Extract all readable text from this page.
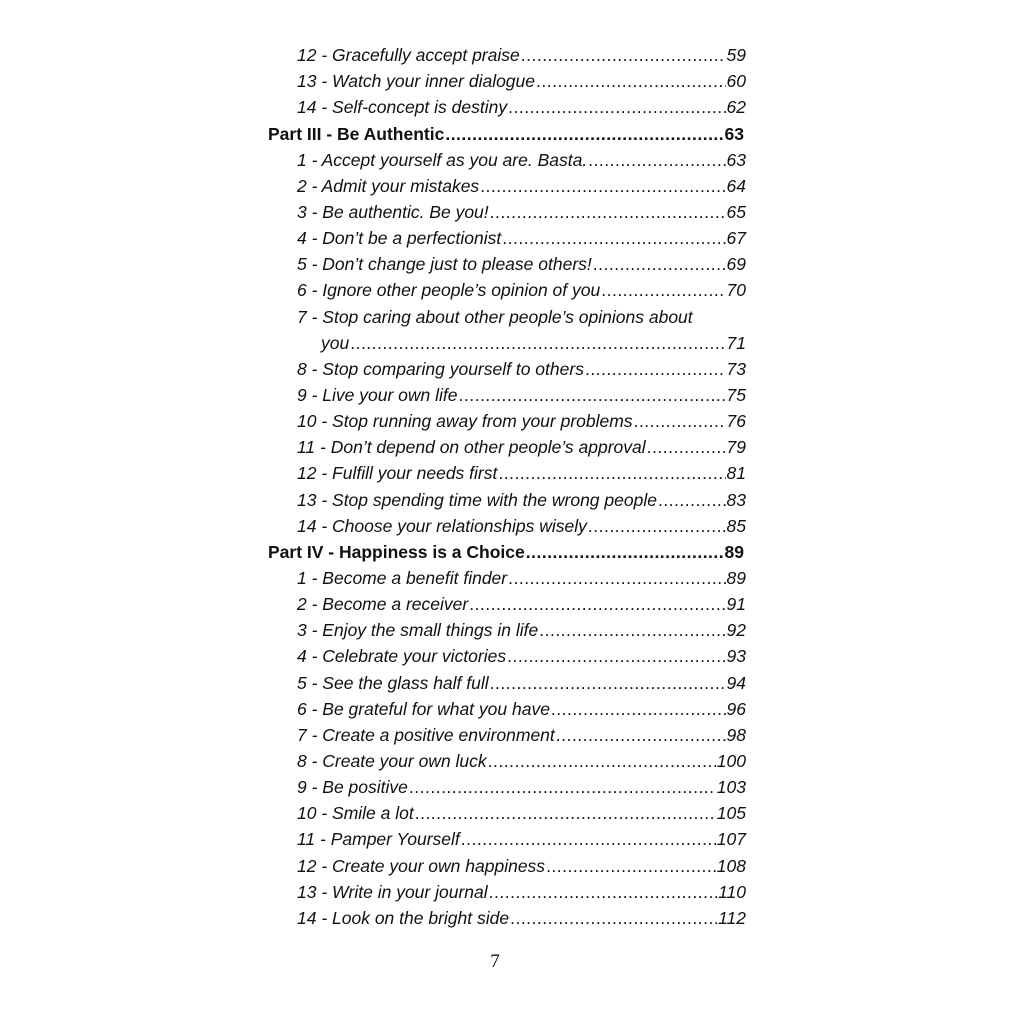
12 - Gracefully accept praise .....	59
13 - Watch your inner dialogue .....	60
14 - Self-concept is destiny .....	62
Part III - Be Authentic .....	63
1 - Accept yourself as you are. Basta. .....	63
2 - Admit your mistakes .....	64
3 - Be authentic. Be you! .....	65
4 - Don’t be a perfectionist .....	67
5 - Don’t change just to please others! .....	69
6 - Ignore other people’s opinion of you .....	70
7 - Stop caring about other people’s opinions about
you .....	71
8 - Stop comparing yourself to others .....	73
9 - Live your own life .....	75
10 - Stop running away from your problems .....	76
11 - Don’t depend on other people’s approval .....	79
12 - Fulfill your needs first .....	81
13 - Stop spending time with the wrong people .....	83
14 - Choose your relationships wisely .....	85
Part IV - Happiness is a Choice .....	89
1 - Become a benefit finder .....	89
2 - Become a receiver .....	91
3 - Enjoy the small things in life .....	92
4 - Celebrate your victories .....	93
5 - See the glass half full .....	94
6 - Be grateful for what you have .....	96
7 - Create a positive environment .....	98
8 - Create your own luck .....	100
9 - Be positive .....	103
10 - Smile a lot .....	105
11 - Pamper Yourself .....	107
12 - Create your own happiness .....	108
13 - Write in your journal .....	110
14 - Look on the bright side .....	112
7
